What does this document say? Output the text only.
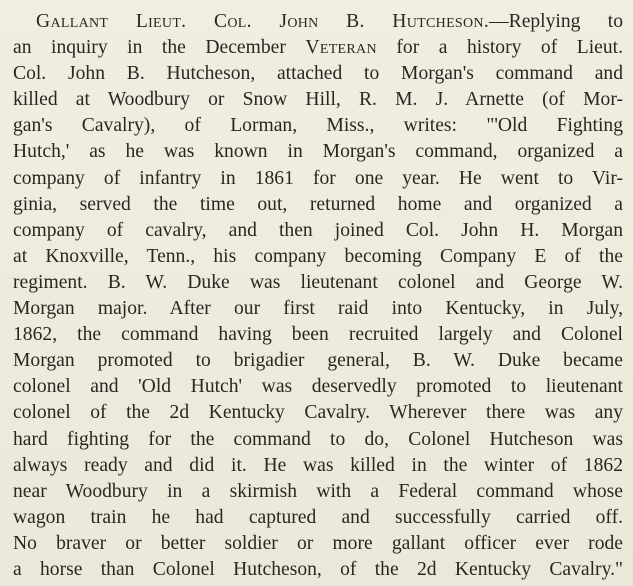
Gallant Lieut. Col. John B. Hutcheson.—Replying to
an inquiry in the December Veteran for a history of Lieut.
Col. John B. Hutcheson, attached to Morgan's command and
killed at Woodbury or Snow Hill, R. M. J. Arnette (of Mor-
gan's Cavalry), of Lorman, Miss., writes: "'Old Fighting
Hutch,' as he was known in Morgan's command, organized a
company of infantry in 1861 for one year. He went to Vir-
ginia, served the time out, returned home and organized a
company of cavalry, and then joined Col. John H. Morgan
at Knoxville, Tenn., his company becoming Company E of the
regiment. B. W. Duke was lieutenant colonel and George W.
Morgan major. After our first raid into Kentucky, in July,
1862, the command having been recruited largely and Colonel
Morgan promoted to brigadier general, B. W. Duke became
colonel and 'Old Hutch' was deservedly promoted to lieutenant
colonel of the 2d Kentucky Cavalry. Wherever there was any
hard fighting for the command to do, Colonel Hutcheson was
always ready and did it. He was killed in the winter of 1862
near Woodbury in a skirmish with a Federal command whose
wagon train he had captured and successfully carried off.
No braver or better soldier or more gallant officer ever rode
a horse than Colonel Hutcheson, of the 2d Kentucky Cavalry."
